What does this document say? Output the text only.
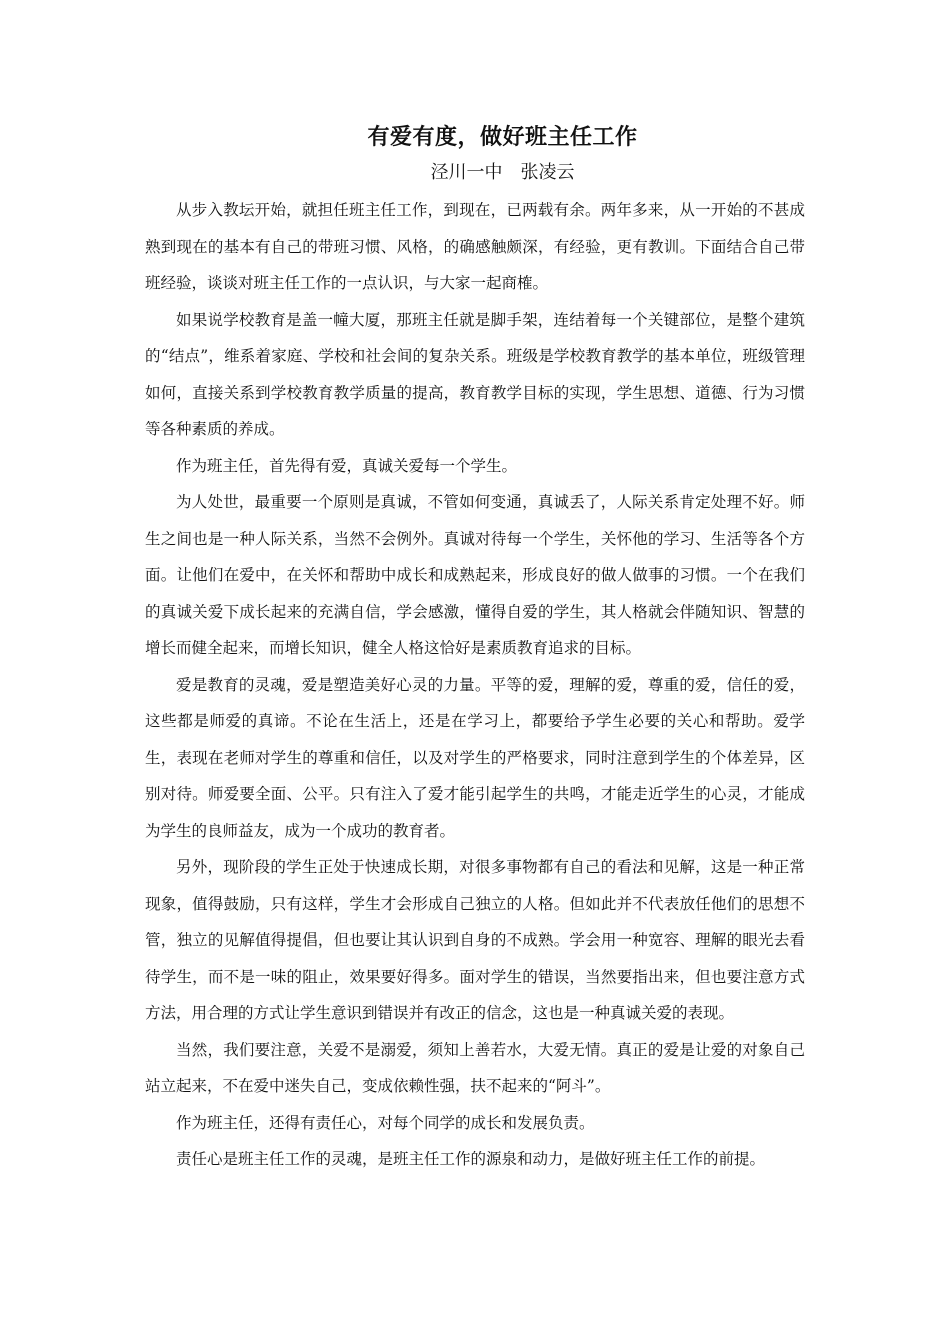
有爱有度，做好班主任工作
泾川一中　张凌云

从步入教坛开始，就担任班主任工作，到现在，已两载有余。两年多来，从一开始的不甚成熟到现在的基本有自己的带班习惯、风格，的确感触颇深，有经验，更有教训。下面结合自己带班经验，谈谈对班主任工作的一点认识，与大家一起商榷。

如果说学校教育是盖一幢大厦，那班主任就是脚手架，连结着每一个关键部位，是整个建筑的“结点”，维系着家庭、学校和社会间的复杂关系。班级是学校教育教学的基本单位，班级管理如何，直接关系到学校教育教学质量的提高，教育教学目标的实现，学生思想、道德、行为习惯等各种素质的养成。

作为班主任，首先得有爱，真诚关爱每一个学生。

为人处世，最重要一个原则是真诚，不管如何变通，真诚丢了，人际关系肯定处理不好。师生之间也是一种人际关系，当然不会例外。真诚对待每一个学生，关怀他的学习、生活等各个方面。让他们在爱中，在关怀和帮助中成长和成熟起来，形成良好的做人做事的习惯。一个在我们的真诚关爱下成长起来的充满自信，学会感激，懂得自爱的学生，其人格就会伴随知识、智慧的增长而健全起来，而增长知识，健全人格这恰好是素质教育追求的目标。

爱是教育的灵魂，爱是塑造美好心灵的力量。平等的爱，理解的爱，尊重的爱，信任的爱，这些都是师爱的真谛。不论在生活上，还是在学习上，都要给予学生必要的关心和帮助。爱学生，表现在老师对学生的尊重和信任，以及对学生的严格要求，同时注意到学生的个体差异，区别对待。师爱要全面、公平。只有注入了爱才能引起学生的共鸣，才能走近学生的心灵，才能成为学生的良师益友，成为一个成功的教育者。

另外，现阶段的学生正处于快速成长期，对很多事物都有自己的看法和见解，这是一种正常现象，值得鼓励，只有这样，学生才会形成自己独立的人格。但如此并不代表放任他们的思想不管，独立的见解值得提倡，但也要让其认识到自身的不成熟。学会用一种宽容、理解的眼光去看待学生，而不是一味的阻止，效果要好得多。面对学生的错误，当然要指出来，但也要注意方式方法，用合理的方式让学生意识到错误并有改正的信念，这也是一种真诚关爱的表现。

当然，我们要注意，关爱不是溺爱，须知上善若水，大爱无情。真正的爱是让爱的对象自己站立起来，不在爱中迷失自己，变成依赖性强，扶不起来的“阿斗”。

作为班主任，还得有责任心，对每个同学的成长和发展负责。

责任心是班主任工作的灵魂，是班主任工作的源泉和动力，是做好班主任工作的前提。
